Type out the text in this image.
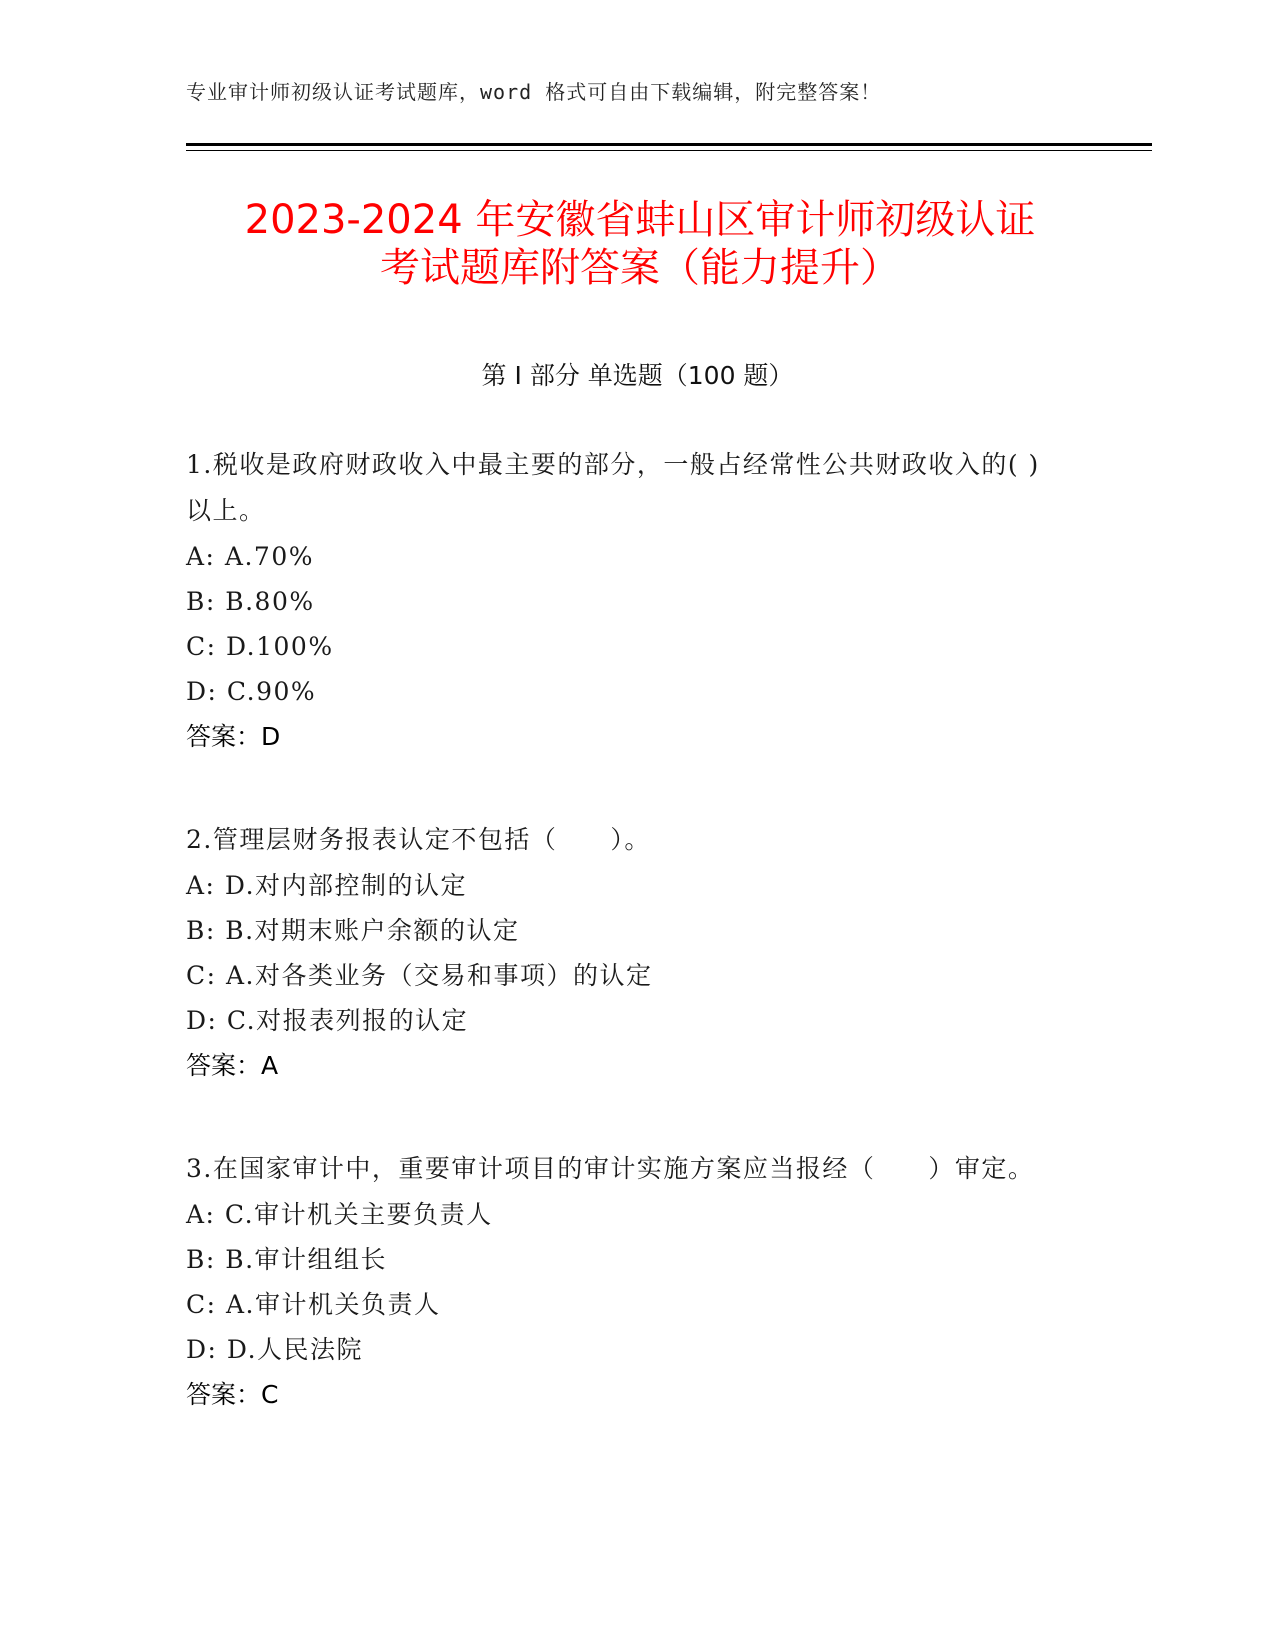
专业审计师初级认证考试题库，word 格式可自由下载编辑，附完整答案！
2023-2024 年安徽省蚌山区审计师初级认证
考试题库附答案（能力提升）
第 I 部分 单选题（100 题）

1.税收是政府财政收入中最主要的部分，一般占经常性公共财政收入的( )以上。

A: A.70%

B: B.80%

C: D.100%

D: C.90%

答案：D

2.管理层财务报表认定不包括（　　）。

A: D.对内部控制的认定

B: B.对期末账户余额的认定

C: A.对各类业务（交易和事项）的认定

D: C.对报表列报的认定

答案：A

3.在国家审计中，重要审计项目的审计实施方案应当报经（　　）审定。

A: C.审计机关主要负责人

B: B.审计组组长

C: A.审计机关负责人

D: D.人民法院

答案：C
